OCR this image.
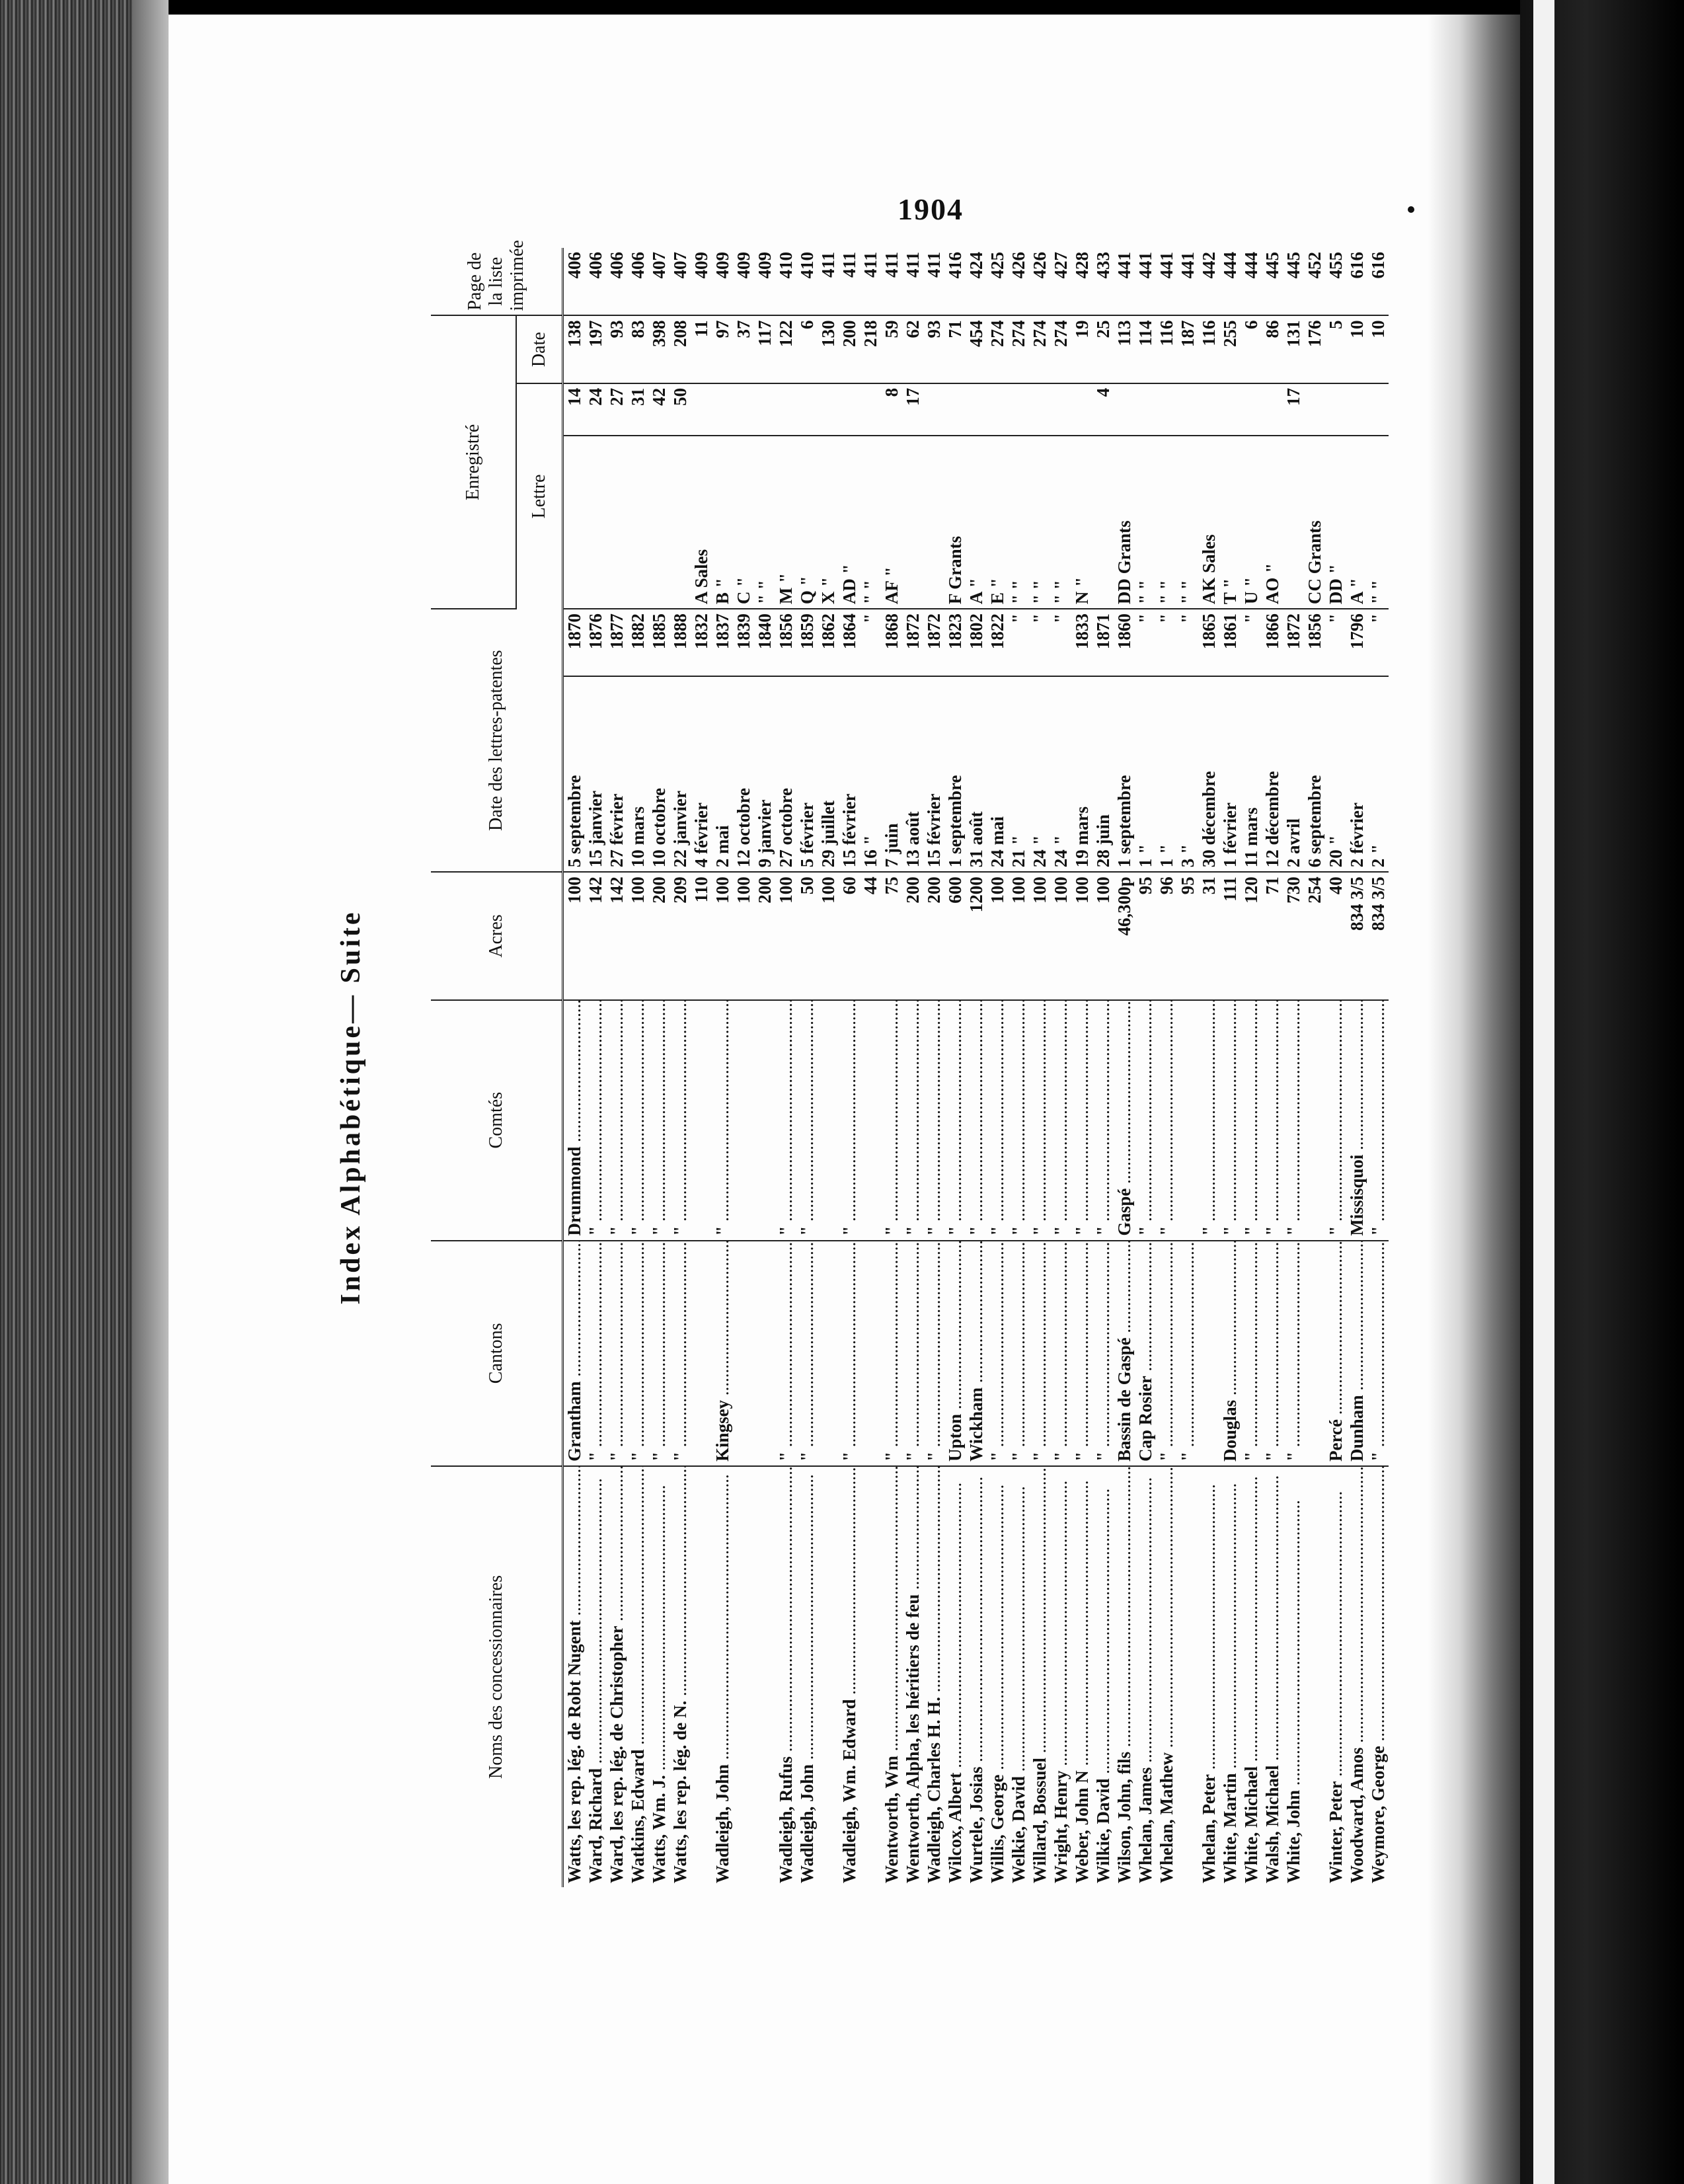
1904
Index Alphabétique— Suite
Noms des concessionnaires	Cantons	Comtés	Acres	Date des lettres-patentes		Enregistré			Page de la liste imprimée
						Lettre		Date	
Watts, les rep. lég. de Robt Nugent .....	Grantham .....	Drummond .....	100	5 septembre	1870		14	138	406
Ward, Richard .....	" .....	" .....	142	15 janvier	1876		24	197	406
Ward, les rep. lég. de Christopher .....	" .....	" .....	142	27 février	1877		27	93	406
Watkins, Edward .....	" .....	" .....	100	10 mars	1882		31	83	406
Watts, Wm. J. .....	" .....	" .....	200	10 octobre	1885		42	398	407
Watts, les rep. lég. de N. .....	" .....	" .....	209	22 janvier	1888		50	208	407
			110	4 février	1832	A Sales		11	409
Wadleigh, John .....	Kingsey .....	" .....	100	2 mai	1837	B "		97	409
			100	12 octobre	1839	C "		37	409
			200	9 janvier	1840	" "		117	409
Wadleigh, Rufus .....	" .....	" .....	100	27 octobre	1856	M "		122	410
Wadleigh, John .....	" .....	" .....	50	5 février	1859	Q "		6	410
			100	29 juillet	1862	X "		130	411
Wadleigh, Wm. Edward .....	" .....	" .....	60	15 février	1864	AD "		200	411
			44	16 "	"	" "		218	411
Wentworth, Wm .....	" .....	" .....	75	7 juin	1868	AF "	8	59	411
Wentworth, Alpha, les héritiers de feu .....	" .....	" .....	200	13 août	1872		17	62	411
Wadleigh, Charles H. H. .....	" .....	" .....	200	15 février	1872			93	411
Wilcox, Albert .....	Upton .....	" .....	600	1 septembre	1823	F Grants		71	416
Wurtele, Josias .....	Wickham .....	" .....	1200	31 août	1802	A "		454	424
Willis, George .....	" .....	" .....	100	24 mai	1822	E "		274	425
Welkie, David .....	" .....	" .....	100	21 "	"	" "		274	426
Willard, Bossuel .....	" .....	" .....	100	24 "	"	" "		274	426
Wright, Henry .....	" .....	" .....	100	24 "	"	" "		274	427
Weber, John N .....	" .....	" .....	100	19 mars	1833	N "		19	428
Wilkie, David .....	" .....	" .....	100	28 juin	1871		4	25	433
Wilson, John, fils .....	Bassin de Gaspé .....	Gaspé .....	46,300p	1 septembre	1860	DD Grants		113	441
Whelan, James .....	Cap Rosier .....	" .....	95	1 "	"	" "		114	441
Whelan, Mathew .....	" .....	" .....	96	1 "	"	" "		116	441
	" .....		95	3 "	"	" "		187	441
Whelan, Peter .....		" .....	31	30 décembre	1865	AK Sales		116	442
White, Martin .....	Douglas .....	" .....	111	1 février	1861	T "		255	444
White, Michael .....	" .....	" .....	120	11 mars	"	U "		6	444
Walsh, Michael .....	" .....	" .....	71	12 décembre	1866	AO "		86	445
White, John .....	" .....	" .....	730	2 avril	1872		17	131	445
			254	6 septembre	1856	CC Grants		176	452
Winter, Peter .....	Percé .....	" .....	40	20 "	"	DD "		5	455
Woodward, Amos .....	Dunham .....	Missisquoi .....	834 3/5	2 février	1796	A "		10	616
Weymore, George .....	" .....	" .....	834 3/5	2 "	"	" "		10	616
